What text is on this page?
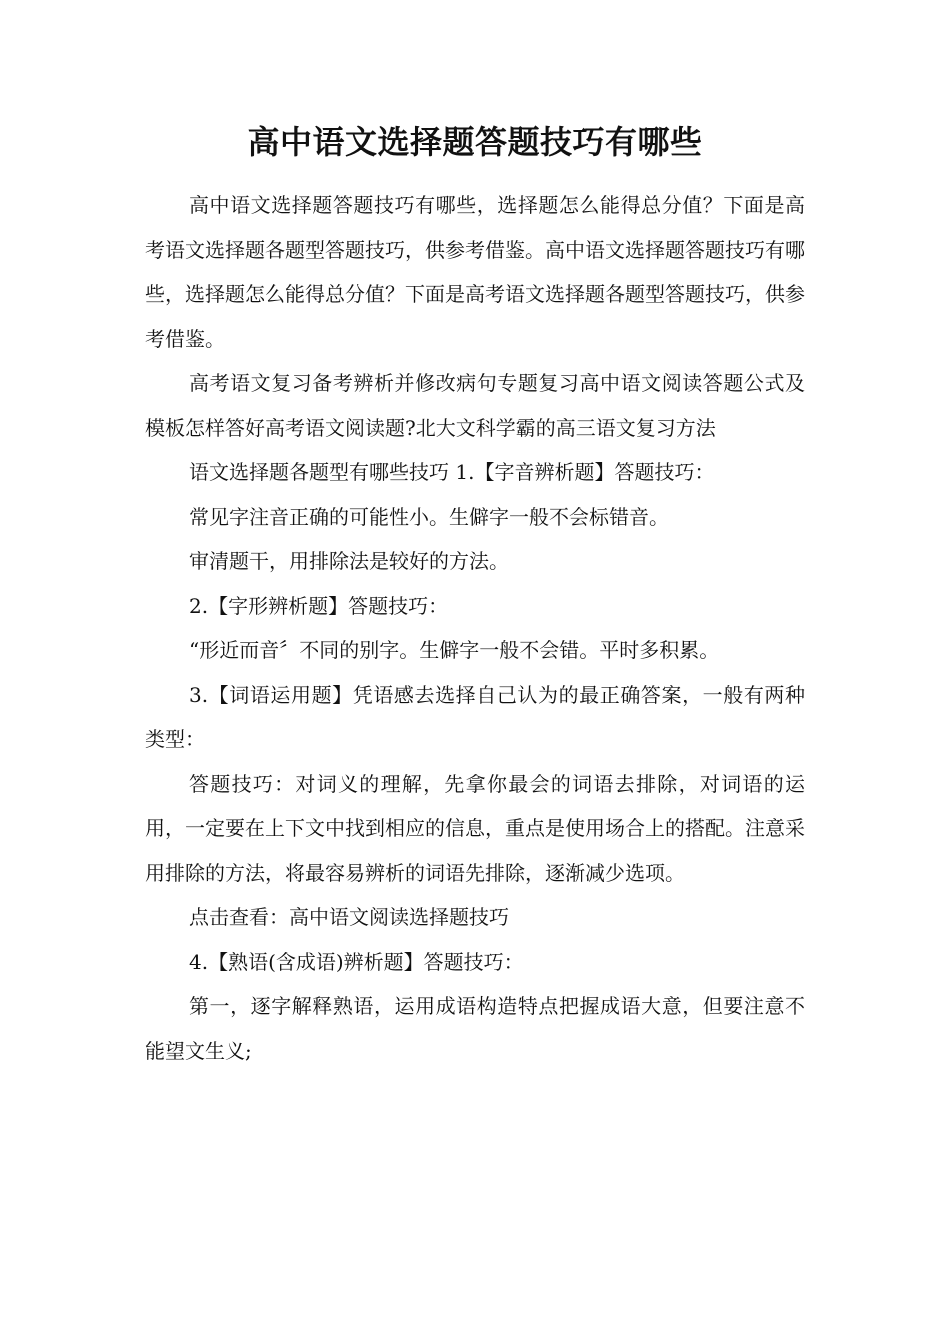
高中语文选择题答题技巧有哪些

高中语文选择题答题技巧有哪些，选择题怎么能得总分值？下面是高考语文选择题各题型答题技巧，供参考借鉴。高中语文选择题答题技巧有哪些，选择题怎么能得总分值？下面是高考语文选择题各题型答题技巧，供参考借鉴。

高考语文复习备考辨析并修改病句专题复习高中语文阅读答题公式及模板怎样答好高考语文阅读题?北大文科学霸的高三语文复习方法

语文选择题各题型有哪些技巧 1.【字音辨析题】答题技巧：

常见字注音正确的可能性小。生僻字一般不会标错音。

审清题干，用排除法是较好的方法。

2.【字形辨析题】答题技巧：

“形近而音〞不同的别字。生僻字一般不会错。平时多积累。

3.【词语运用题】凭语感去选择自己认为的最正确答案，一般有两种类型：

答题技巧：对词义的理解，先拿你最会的词语去排除，对词语的运用，一定要在上下文中找到相应的信息，重点是使用场合上的搭配。注意采用排除的方法，将最容易辨析的词语先排除，逐渐减少选项。

点击查看：高中语文阅读选择题技巧

4.【熟语(含成语)辨析题】答题技巧：

第一，逐字解释熟语，运用成语构造特点把握成语大意，但要注意不能望文生义;
